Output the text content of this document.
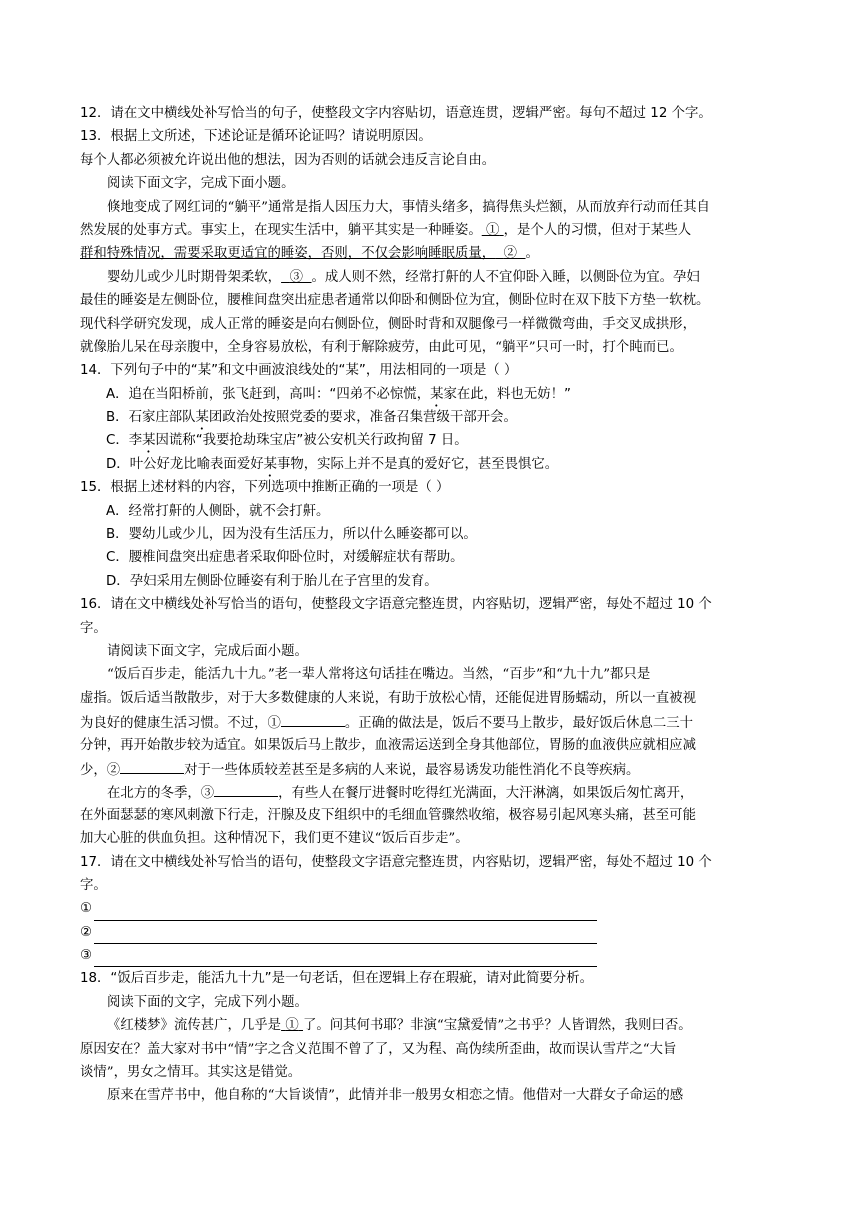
12．请在文中横线处补写恰当的句子，使整段文字内容贴切，语意连贯，逻辑严密。每句不超过 12 个字。
13．根据上文所述，下述论证是循环论证吗？请说明原因。
每个人都必须被允许说出他的想法，因为否则的话就会违反言论自由。
阅读下面文字，完成下面小题。
倏地变成了网红词的“躺平”通常是指人因压力大，事情头绪多，搞得焦头烂额，从而放弃行动而任其自
然发展的处事方式。事实上，在现实生活中，躺平其实是一种睡姿。 ① ，是个人的习惯，但对于某些人
群和特殊情况，需要采取更适宜的睡姿，否则，不仅会影响睡眠质量， ② 。
婴幼儿或少儿时期骨架柔软， ③ 。成人则不然，经常打鼾的人不宜仰卧入睡，以侧卧位为宜。孕妇
最佳的睡姿是左侧卧位，腰椎间盘突出症患者通常以仰卧和侧卧位为宜，侧卧位时在双下肢下方垫一软枕。
现代科学研究发现，成人正常的睡姿是向右侧卧位，侧卧时背和双腿像弓一样微微弯曲，手交叉成拱形，
就像胎儿呆在母亲腹中，全身容易放松，有利于解除疲劳，由此可见，“躺平”只可一时，打个盹而已。
14．下列句子中的“某”和文中画波浪线处的“某”，用法相同的一项是（ ）
A．追在当阳桥前，张飞赶到，高叫：“四弟不必惊慌，某家在此，料也无妨！”
B．石家庄部队某团政治处按照党委的要求，准备召集营级干部开会。
C．李某因谎称“我要抢劫珠宝店”被公安机关行政拘留 7 日。
D．叶公好龙比喻表面爱好某事物，实际上并不是真的爱好它，甚至畏惧它。
15．根据上述材料的内容，下列选项中推断正确的一项是（ ）
A．经常打鼾的人侧卧，就不会打鼾。
B．婴幼儿或少儿，因为没有生活压力，所以什么睡姿都可以。
C．腰椎间盘突出症患者采取仰卧位时，对缓解症状有帮助。
D．孕妇采用左侧卧位睡姿有利于胎儿在子宫里的发育。
16．请在文中横线处补写恰当的语句，使整段文字语意完整连贯，内容贴切，逻辑严密，每处不超过 10 个
字。
请阅读下面文字，完成后面小题。
“饭后百步走，能活九十九。”老一辈人常将这句话挂在嘴边。当然，“百步”和“九十九”都只是
虚指。饭后适当散散步，对于大多数健康的人来说，有助于放松心情，还能促进胃肠蠕动，所以一直被视
为良好的健康生活习惯。不过，①	。正确的做法是，饭后不要马上散步，最好饭后休息二三十
分钟，再开始散步较为适宜。如果饭后马上散步，血液需运送到全身其他部位，胃肠的血液供应就相应减
少，②	对于一些体质较差甚至是多病的人来说，最容易诱发功能性消化不良等疾病。
在北方的冬季，③	，有些人在餐厅进餐时吃得红光满面，大汗淋漓，如果饭后匆忙离开，
在外面瑟瑟的寒风刺激下行走，汗腺及皮下组织中的毛细血管骤然收缩，极容易引起风寒头痛，甚至可能
加大心脏的供血负担。这种情况下，我们更不建议“饭后百步走”。
17．请在文中横线处补写恰当的语句，使整段文字语意完整连贯，内容贴切，逻辑严密，每处不超过 10 个
字。
①
②
③
18．“饭后百步走，能活九十九”是一句老话，但在逻辑上存在瑕疵，请对此简要分析。
阅读下面的文字，完成下列小题。
《红楼梦》流传甚广，几乎是 ① 了。问其何书耶？非演“宝黛爱情”之书乎？人皆谓然，我则曰否。
原因安在？盖大家对书中“情”字之含义范围不曾了了，又为程、高伪续所歪曲，故而误认雪芹之“大旨
谈情”，男女之情耳。其实这是错觉。
原来在雪芹书中，他自称的“大旨谈情”，此情并非一般男女相恋之情。他借对一大群女子命运的感
